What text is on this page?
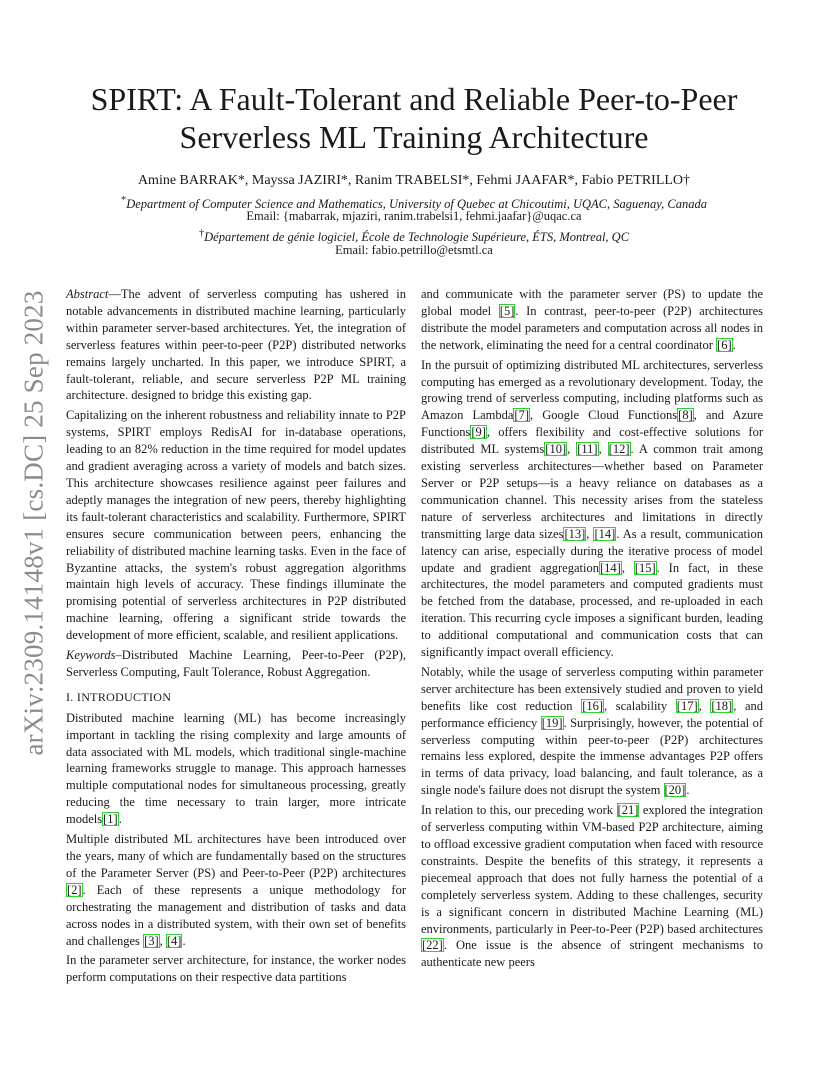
arXiv:2309.14148v1 [cs.DC] 25 Sep 2023
SPIRT: A Fault-Tolerant and Reliable Peer-to-Peer
Serverless ML Training Architecture
Amine BARRAK*, Mayssa JAZIRI*, Ranim TRABELSI*, Fehmi JAAFAR*, Fabio PETRILLO†
*Department of Computer Science and Mathematics, University of Quebec at Chicoutimi, UQAC, Saguenay, Canada
Email: {mabarrak, mjaziri, ranim.trabelsi1, fehmi.jaafar}@uqac.ca
†Département de génie logiciel, École de Technologie Supérieure, ÉTS, Montreal, QC
Email: fabio.petrillo@etsmtl.ca

Abstract—The advent of serverless computing has ushered in notable advancements in distributed machine learning, particularly within parameter server-based architectures. Yet, the integration of serverless features within peer-to-peer (P2P) distributed networks remains largely uncharted. In this paper, we introduce SPIRT, a fault-tolerant, reliable, and secure serverless P2P ML training architecture. designed to bridge this existing gap.

Capitalizing on the inherent robustness and reliability innate to P2P systems, SPIRT employs RedisAI for in-database operations, leading to an 82% reduction in the time required for model updates and gradient averaging across a variety of models and batch sizes. This architecture showcases resilience against peer failures and adeptly manages the integration of new peers, thereby highlighting its fault-tolerant characteristics and scalability. Furthermore, SPIRT ensures secure communication between peers, enhancing the reliability of distributed machine learning tasks. Even in the face of Byzantine attacks, the system's robust aggregation algorithms maintain high levels of accuracy. These findings illuminate the promising potential of serverless architectures in P2P distributed machine learning, offering a significant stride towards the development of more efficient, scalable, and resilient applications.

Keywords–Distributed Machine Learning, Peer-to-Peer (P2P), Serverless Computing, Fault Tolerance, Robust Aggregation.

I. INTRODUCTION

Distributed machine learning (ML) has become increasingly important in tackling the rising complexity and large amounts of data associated with ML models, which traditional single-machine learning frameworks struggle to manage. This approach harnesses multiple computational nodes for simultaneous processing, greatly reducing the time necessary to train larger, more intricate models[1].

Multiple distributed ML architectures have been introduced over the years, many of which are fundamentally based on the structures of the Parameter Server (PS) and Peer-to-Peer (P2P) architectures [2]. Each of these represents a unique methodology for orchestrating the management and distribution of tasks and data across nodes in a distributed system, with their own set of benefits and challenges [3], [4].

In the parameter server architecture, for instance, the worker nodes perform computations on their respective data partitions

and communicate with the parameter server (PS) to update the global model [5]. In contrast, peer-to-peer (P2P) architectures distribute the model parameters and computation across all nodes in the network, eliminating the need for a central coordinator [6].

In the pursuit of optimizing distributed ML architectures, serverless computing has emerged as a revolutionary development. Today, the growing trend of serverless computing, including platforms such as Amazon Lambda[7], Google Cloud Functions[8], and Azure Functions[9], offers flexibility and cost-effective solutions for distributed ML systems[10], [11], [12]. A common trait among existing serverless architectures—whether based on Parameter Server or P2P setups—is a heavy reliance on databases as a communication channel. This necessity arises from the stateless nature of serverless architectures and limitations in directly transmitting large data sizes[13], [14]. As a result, communication latency can arise, especially during the iterative process of model update and gradient aggregation[14], [15]. In fact, in these architectures, the model parameters and computed gradients must be fetched from the database, processed, and re-uploaded in each iteration. This recurring cycle imposes a significant burden, leading to additional computational and communication costs that can significantly impact overall efficiency.

Notably, while the usage of serverless computing within parameter server architecture has been extensively studied and proven to yield benefits like cost reduction [16], scalability [17], [18], and performance efficiency [19]. Surprisingly, however, the potential of serverless computing within peer-to-peer (P2P) architectures remains less explored, despite the immense advantages P2P offers in terms of data privacy, load balancing, and fault tolerance, as a single node's failure does not disrupt the system [20].

In relation to this, our preceding work [21] explored the integration of serverless computing within VM-based P2P architecture, aiming to offload excessive gradient computation when faced with resource constraints. Despite the benefits of this strategy, it represents a piecemeal approach that does not fully harness the potential of a completely serverless system. Adding to these challenges, security is a significant concern in distributed Machine Learning (ML) environments, particularly in Peer-to-Peer (P2P) based architectures [22]. One issue is the absence of stringent mechanisms to authenticate new peers
